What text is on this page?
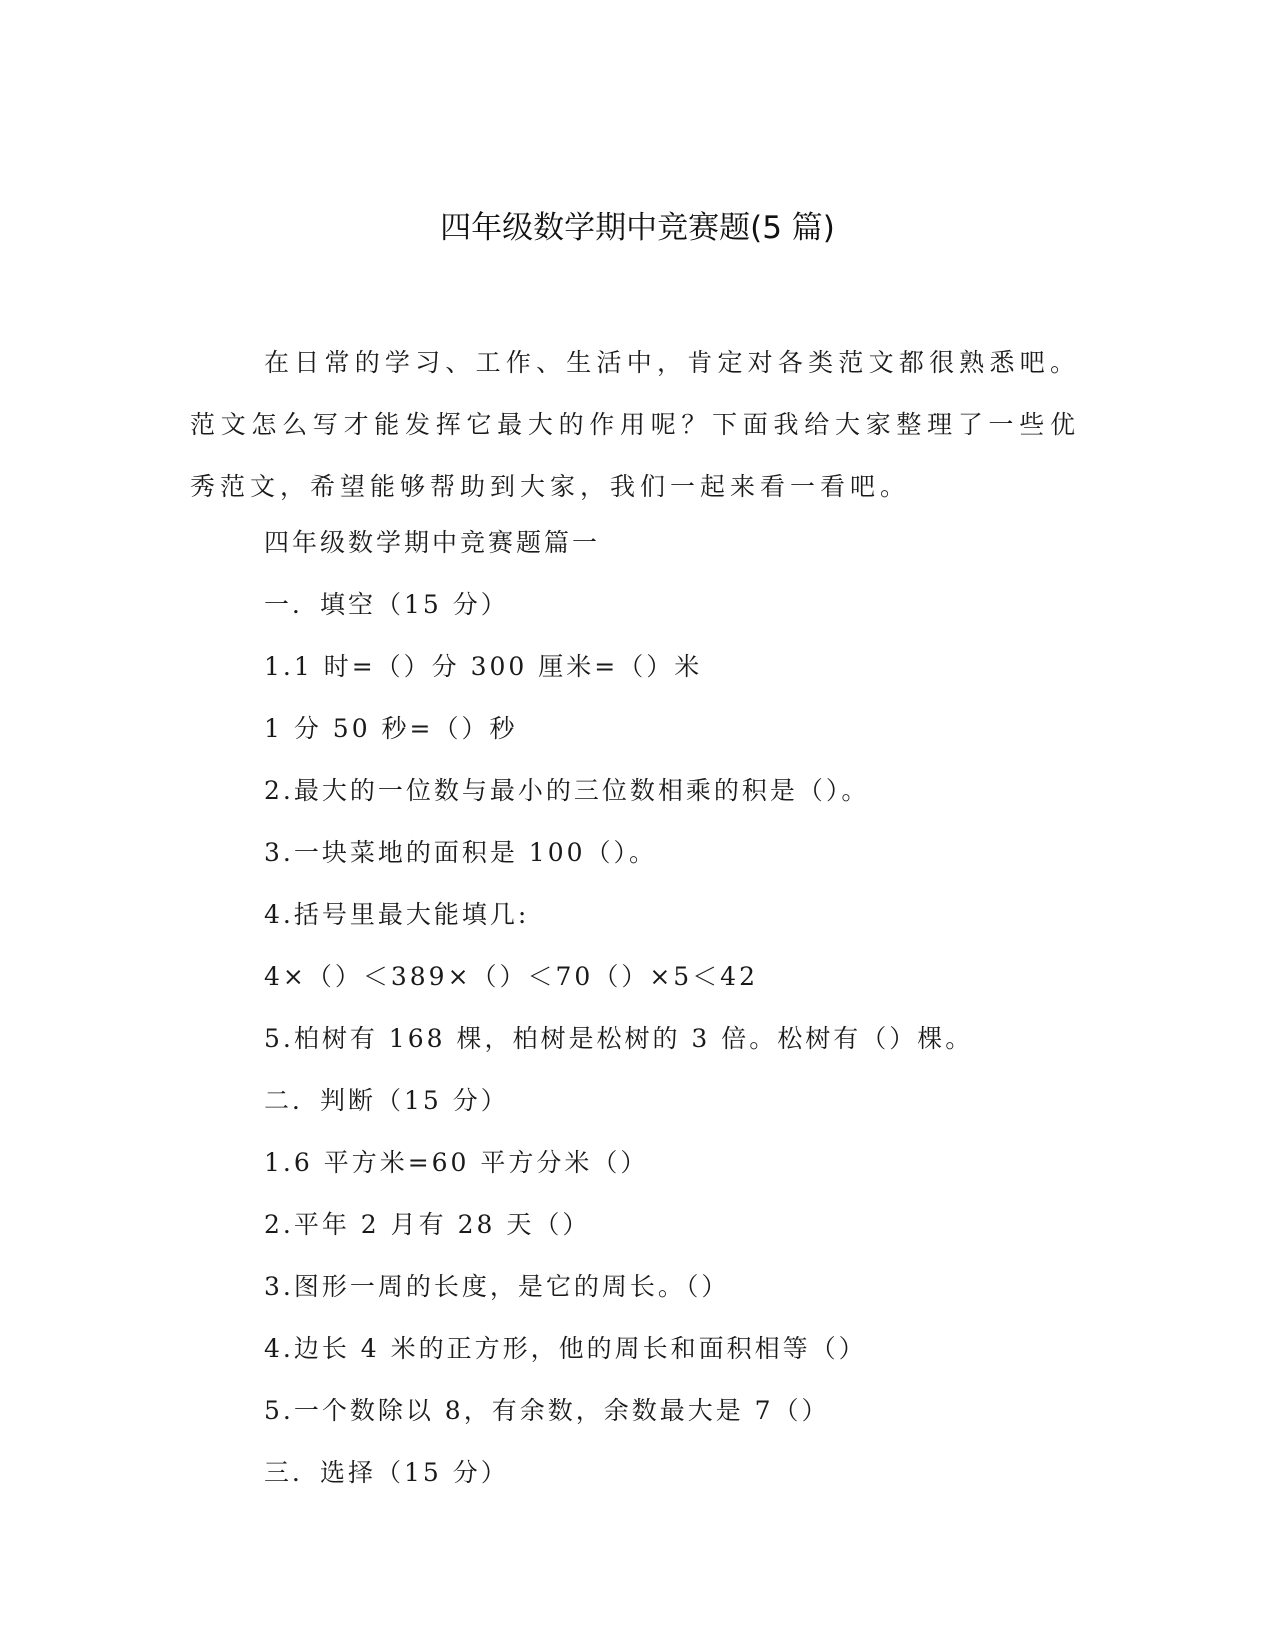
四年级数学期中竞赛题(5 篇)

在日常的学习、工作、生活中，肯定对各类范文都很熟悉吧。范文怎么写才能发挥它最大的作用呢？下面我给大家整理了一些优秀范文，希望能够帮助到大家，我们一起来看一看吧。

四年级数学期中竞赛题篇一
一．填空（15 分）
1.1 时=（）分 300 厘米=（）米
1 分 50 秒=（）秒
2.最大的一位数与最小的三位数相乘的积是（）。
3.一块菜地的面积是 100（）。
4.括号里最大能填几:
4×（）＜389×（）＜70（）×5＜42
5.柏树有 168 棵，柏树是松树的 3 倍。松树有（）棵。
二．判断（15 分）
1.6 平方米=60 平方分米（）
2.平年 2 月有 28 天（）
3.图形一周的长度，是它的周长。（）
4.边长 4 米的正方形，他的周长和面积相等（）
5.一个数除以 8，有余数，余数最大是 7（）
三．选择（15 分）
